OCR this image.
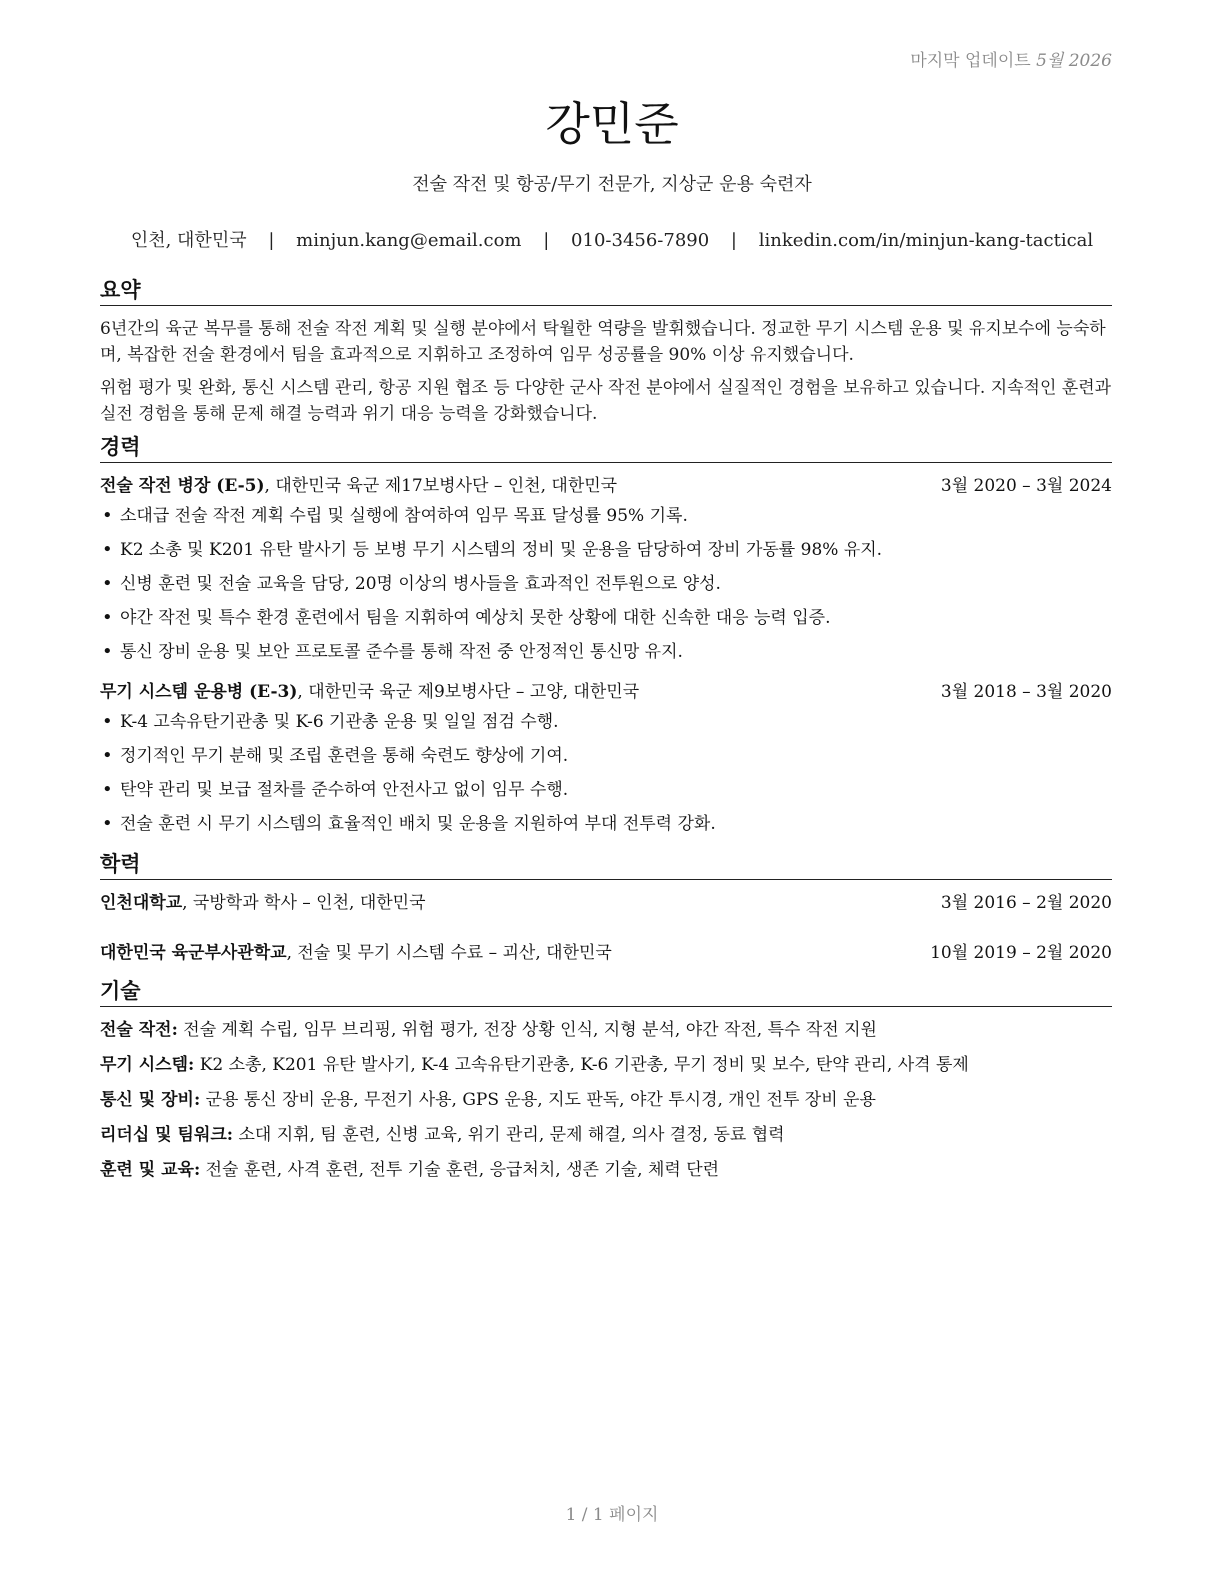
마지막 업데이트 5월 2026
강민준
전술 작전 및 항공/무기 전문가, 지상군 운용 숙련자
인천, 대한민국 | minjun.kang@email.com | 010-3456-7890 | linkedin.com/in/minjun-kang-tactical
요약

6년간의 육군 복무를 통해 전술 작전 계획 및 실행 분야에서 탁월한 역량을 발휘했습니다. 정교한 무기 시스템 운용 및 유지보수에 능숙하며, 복잡한 전술 환경에서 팀을 효과적으로 지휘하고 조정하여 임무 성공률을 90% 이상 유지했습니다.

위험 평가 및 완화, 통신 시스템 관리, 항공 지원 협조 등 다양한 군사 작전 분야에서 실질적인 경험을 보유하고 있습니다. 지속적인 훈련과 실전 경험을 통해 문제 해결 능력과 위기 대응 능력을 강화했습니다.

경력
전술 작전 병장 (E-5), 대한민국 육군 제17보병사단 – 인천, 대한민국	3월 2020 – 3월 2024
• 소대급 전술 작전 계획 수립 및 실행에 참여하여 임무 목표 달성률 95% 기록.
• K2 소총 및 K201 유탄 발사기 등 보병 무기 시스템의 정비 및 운용을 담당하여 장비 가동률 98% 유지.
• 신병 훈련 및 전술 교육을 담당, 20명 이상의 병사들을 효과적인 전투원으로 양성.
• 야간 작전 및 특수 환경 훈련에서 팀을 지휘하여 예상치 못한 상황에 대한 신속한 대응 능력 입증.
• 통신 장비 운용 및 보안 프로토콜 준수를 통해 작전 중 안정적인 통신망 유지.
무기 시스템 운용병 (E-3), 대한민국 육군 제9보병사단 – 고양, 대한민국	3월 2018 – 3월 2020
• K-4 고속유탄기관총 및 K-6 기관총 운용 및 일일 점검 수행.
• 정기적인 무기 분해 및 조립 훈련을 통해 숙련도 향상에 기여.
• 탄약 관리 및 보급 절차를 준수하여 안전사고 없이 임무 수행.
• 전술 훈련 시 무기 시스템의 효율적인 배치 및 운용을 지원하여 부대 전투력 강화.
학력
인천대학교, 국방학과 학사 – 인천, 대한민국	3월 2016 – 2월 2020
대한민국 육군부사관학교, 전술 및 무기 시스템 수료 – 괴산, 대한민국	10월 2019 – 2월 2020
기술
전술 작전: 전술 계획 수립, 임무 브리핑, 위험 평가, 전장 상황 인식, 지형 분석, 야간 작전, 특수 작전 지원
무기 시스템: K2 소총, K201 유탄 발사기, K-4 고속유탄기관총, K-6 기관총, 무기 정비 및 보수, 탄약 관리, 사격 통제
통신 및 장비: 군용 통신 장비 운용, 무전기 사용, GPS 운용, 지도 판독, 야간 투시경, 개인 전투 장비 운용
리더십 및 팀워크: 소대 지휘, 팀 훈련, 신병 교육, 위기 관리, 문제 해결, 의사 결정, 동료 협력
훈련 및 교육: 전술 훈련, 사격 훈련, 전투 기술 훈련, 응급처치, 생존 기술, 체력 단련
1 / 1 페이지
